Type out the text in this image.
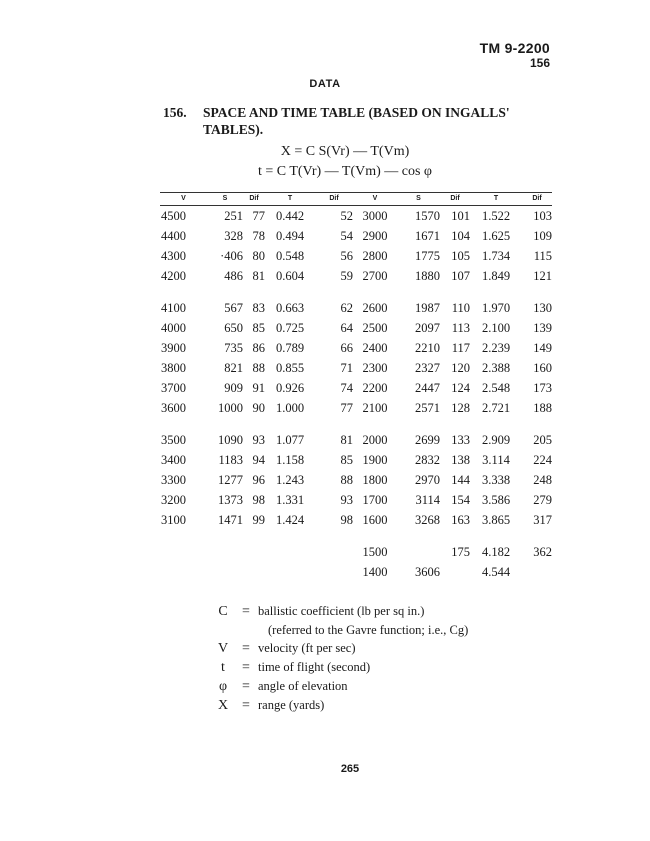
TM 9-2200
156
DATA
156. SPACE AND TIME TABLE (BASED ON INGALLS'
TABLES).
X = C S(Vr) — T(Vm)
t = C T(Vr) — T(Vm) — cos φ
V	S	Dif	T	Dif	V	S	Dif	T	Dif
4500	251	77	0.442	52	3000	1570	101	1.522	103
4400	328	78	0.494	54	2900	1671	104	1.625	109
4300	·406	80	0.548	56	2800	1775	105	1.734	115
4200	486	81	0.604	59	2700	1880	107	1.849	121

4100	567	83	0.663	62	2600	1987	110	1.970	130
4000	650	85	0.725	64	2500	2097	113	2.100	139
3900	735	86	0.789	66	2400	2210	117	2.239	149
3800	821	88	0.855	71	2300	2327	120	2.388	160
3700	909	91	0.926	74	2200	2447	124	2.548	173
3600	1000	90	1.000	77	2100	2571	128	2.721	188

3500	1090	93	1.077	81	2000	2699	133	2.909	205
3400	1183	94	1.158	85	1900	2832	138	3.114	224
3300	1277	96	1.243	88	1800	2970	144	3.338	248
3200	1373	98	1.331	93	1700	3114	154	3.586	279
3100	1471	99	1.424	98	1600	3268	163	3.865	317

					1500		175	4.182	362
					1400	3606		4.544	
C = ballistic coefficient (lb per sq in.)
(referred to the Gavre function; i.e., Cg)
V = velocity (ft per sec)
t = time of flight (second)
φ = angle of elevation
X = range (yards)
265
